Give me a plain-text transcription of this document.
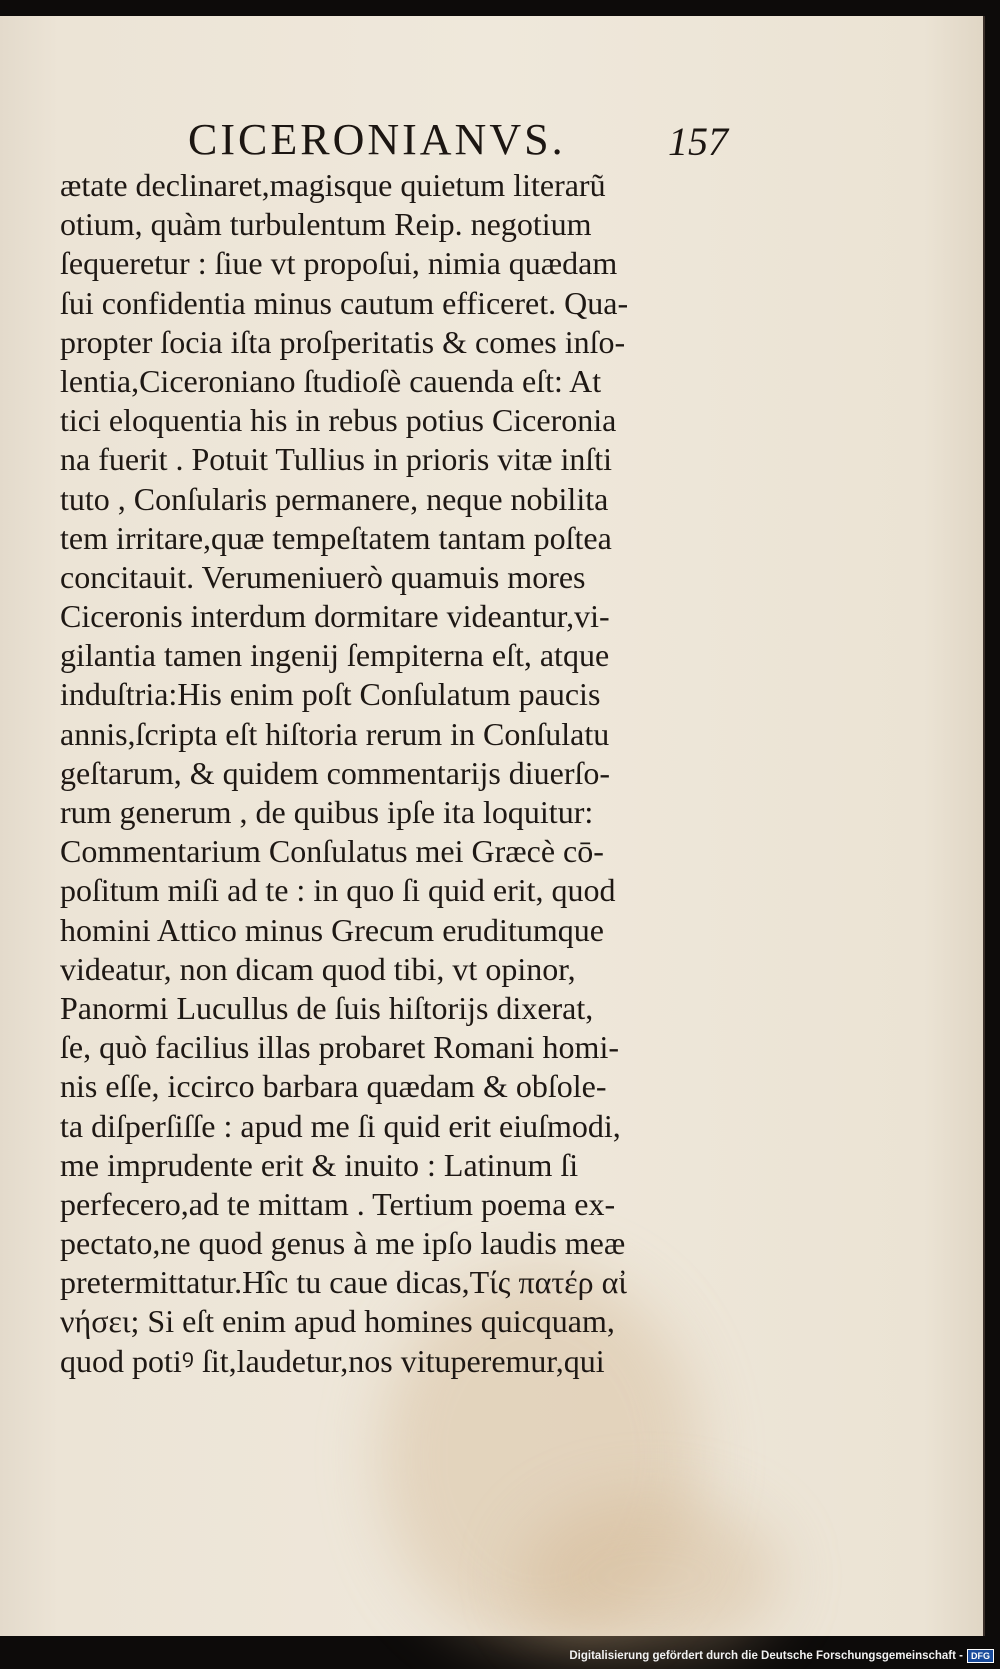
CICERONIANVS.	157
ætate declinaret,magisque quietum literarũ
otium, quàm turbulentum Reip. negotium
ſequeretur : ſiue vt propoſui, nimia quædam
ſui confidentia minus cautum efficeret. Qua-
propter ſocia iſta proſperitatis & comes inſo-
lentia,Ciceroniano ſtudioſè cauenda eſt: At
tici eloquentia his in rebus potius Ciceronia
na fuerit . Potuit Tullius in prioris vitæ inſti
tuto , Conſularis permanere, neque nobilita
tem irritare,quæ tempeſtatem tantam poſtea
concitauit. Verumeniuerò quamuis mores
Ciceronis interdum dormitare videantur,vi-
gilantia tamen ingenij ſempiterna eſt, atque
induſtria:His enim poſt Conſulatum paucis
annis,ſcripta eſt hiſtoria rerum in Conſulatu
geſtarum, & quidem commentarijs diuerſo-
rum generum , de quibus ipſe ita loquitur:
Commentarium Conſulatus mei Græcè cō-
poſitum miſi ad te : in quo ſi quid erit, quod
homini Attico minus Grecum eruditumque
videatur, non dicam quod tibi, vt opinor,
Panormi Lucullus de ſuis hiſtorijs dixerat,
ſe, quò facilius illas probaret Romani homi-
nis eſſe, iccirco barbara quædam & obſole-
ta diſperſiſſe : apud me ſi quid erit eiuſmodi,
me imprudente erit & inuito : Latinum ſi
perfecero,ad te mittam . Tertium poema ex-
pectato,ne quod genus à me ipſo laudis meæ
pretermittatur.Hîc tu caue dicas,Tίς πατέρ αἰ
νήσει; Si eſt enim apud homines quicquam,
quod potiꝰ ſit,laudetur,nos vituperemur,qui
Digitalisierung gefördert durch die Deutsche Forschungsgemeinschaft - DFG
